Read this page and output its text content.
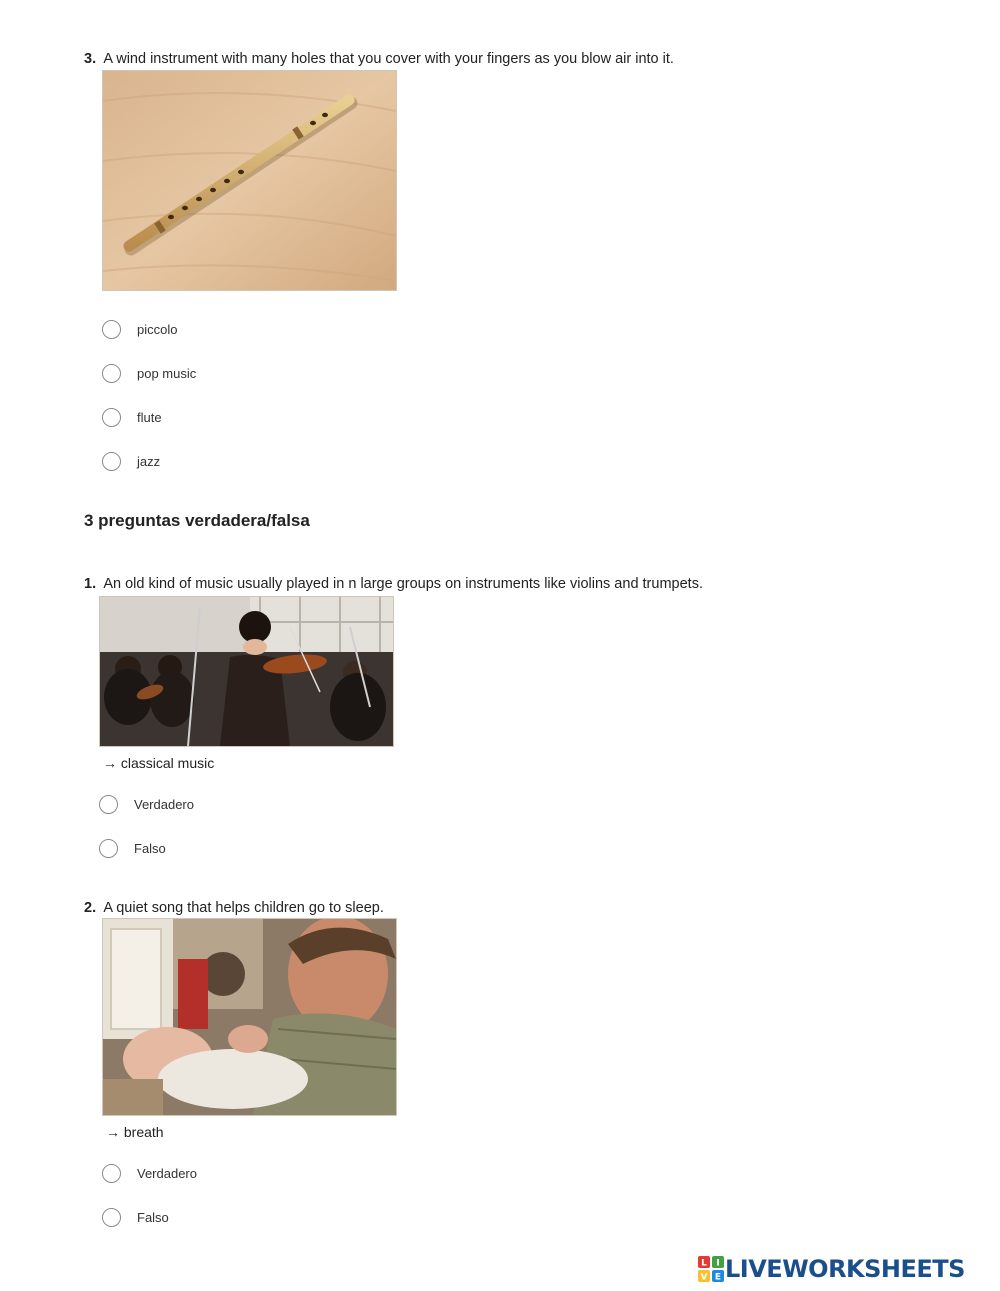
3. A wind instrument with many holes that you cover with your fingers as you blow air into it.
piccolo
pop music
flute
jazz
3 preguntas verdadera/falsa
1. An old kind of music usually played in n large groups on instruments like violins and trumpets.
→ classical music
Verdadero
Falso
2. A quiet song that helps children go to sleep.
→ breath
Verdadero
Falso
L I
V E LIVEWORKSHEETS
